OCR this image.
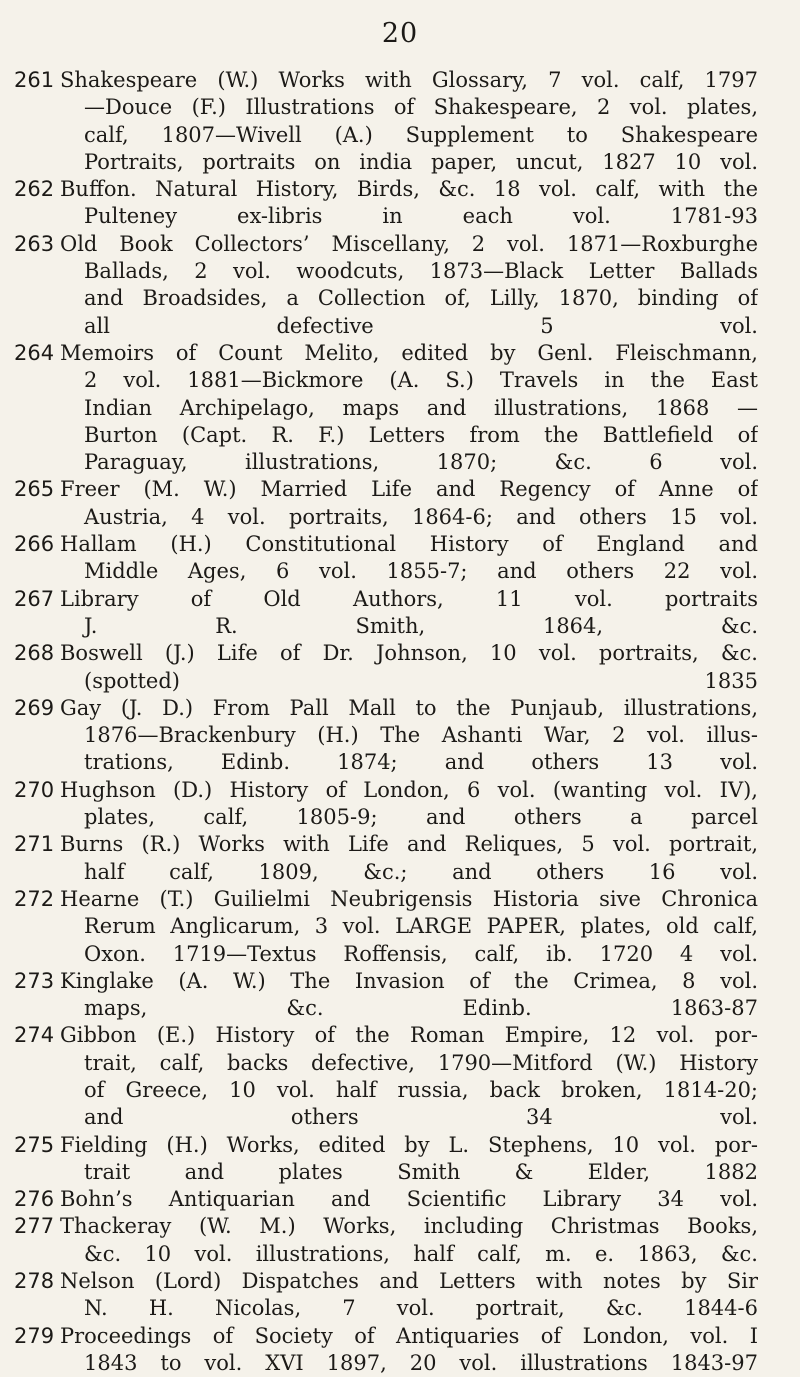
20
261 Shakespeare (W.) Works with Glossary, 7 vol. calf, 1797
—Douce (F.) Illustrations of Shakespeare, 2 vol. plates,
calf, 1807—Wivell (A.) Supplement to Shakespeare
Portraits, portraits on india paper, uncut, 1827 10 vol.
262 Buffon. Natural History, Birds, &c. 18 vol. calf, with the
Pulteney ex-libris in each vol. 1781-93
263 Old Book Collectors’ Miscellany, 2 vol. 1871—Roxburghe
Ballads, 2 vol. woodcuts, 1873—Black Letter Ballads
and Broadsides, a Collection of, Lilly, 1870, binding of
all defective 5 vol.
264 Memoirs of Count Melito, edited by Genl. Fleischmann,
2 vol. 1881—Bickmore (A. S.) Travels in the East
Indian Archipelago, maps and illustrations, 1868 —
Burton (Capt. R. F.) Letters from the Battlefield of
Paraguay, illustrations, 1870; &c. 6 vol.
265 Freer (M. W.) Married Life and Regency of Anne of
Austria, 4 vol. portraits, 1864-6; and others 15 vol.
266 Hallam (H.) Constitutional History of England and
Middle Ages, 6 vol. 1855-7; and others 22 vol.
267 Library of Old Authors, 11 vol. portraits
J. R. Smith, 1864, &c.
268 Boswell (J.) Life of Dr. Johnson, 10 vol. portraits, &c.
(spotted) 1835
269 Gay (J. D.) From Pall Mall to the Punjaub, illustrations,
1876—Brackenbury (H.) The Ashanti War, 2 vol. illus-
trations, Edinb. 1874; and others 13 vol.
270 Hughson (D.) History of London, 6 vol. (wanting vol. IV),
plates, calf, 1805-9; and others a parcel
271 Burns (R.) Works with Life and Reliques, 5 vol. portrait,
half calf, 1809, &c.; and others 16 vol.
272 Hearne (T.) Guilielmi Neubrigensis Historia sive Chronica
Rerum Anglicarum, 3 vol. LARGE PAPER, plates, old calf,
Oxon. 1719—Textus Roffensis, calf, ib. 1720 4 vol.
273 Kinglake (A. W.) The Invasion of the Crimea, 8 vol.
maps, &c. Edinb. 1863-87
274 Gibbon (E.) History of the Roman Empire, 12 vol. por-
trait, calf, backs defective, 1790—Mitford (W.) History
of Greece, 10 vol. half russia, back broken, 1814-20;
and others 34 vol.
275 Fielding (H.) Works, edited by L. Stephens, 10 vol. por-
trait and plates Smith & Elder, 1882
276 Bohn’s Antiquarian and Scientific Library 34 vol.
277 Thackeray (W. M.) Works, including Christmas Books,
&c. 10 vol. illustrations, half calf, m. e. 1863, &c.
278 Nelson (Lord) Dispatches and Letters with notes by Sir
N. H. Nicolas, 7 vol. portrait, &c. 1844-6
279 Proceedings of Society of Antiquaries of London, vol. I
1843 to vol. XVI 1897, 20 vol. illustrations 1843-97
